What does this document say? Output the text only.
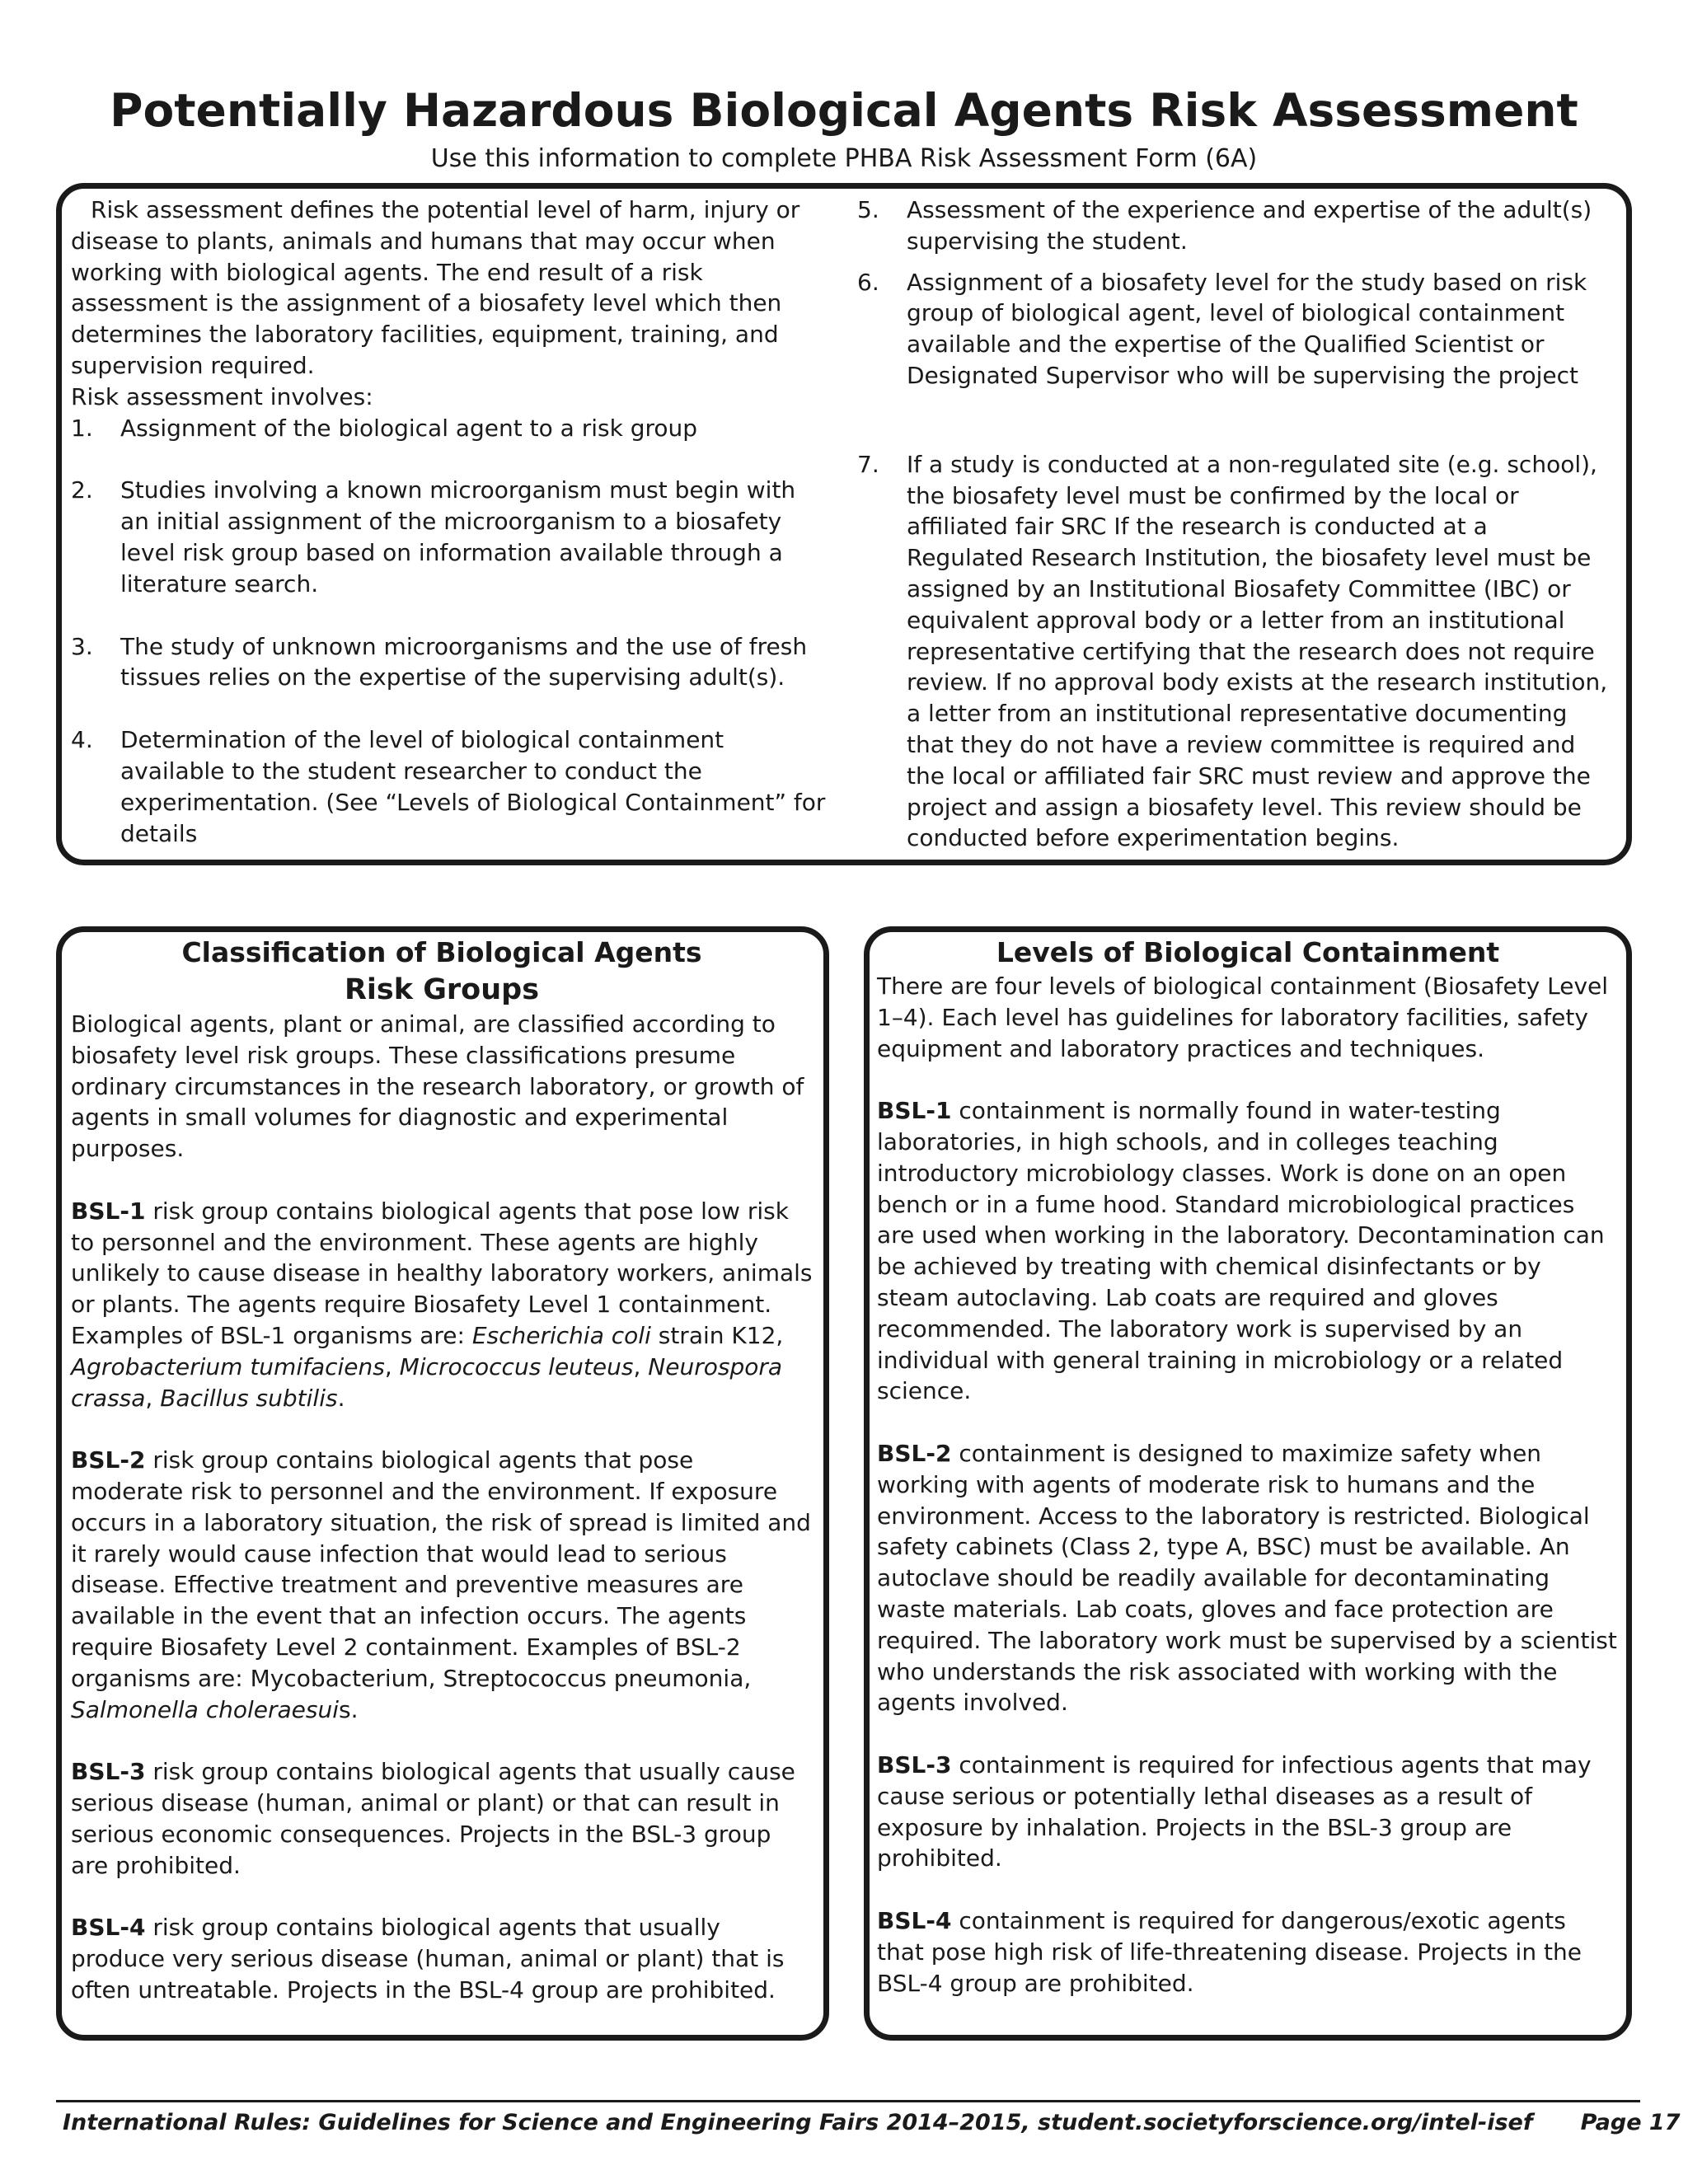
Potentially Hazardous Biological Agents Risk Assessment
Use this information to complete PHBA Risk Assessment Form (6A)

Risk assessment defines the potential level of harm, injury or disease to plants, animals and humans that may occur when working with biological agents. The end result of a risk assessment is the assignment of a biosafety level which then determines the laboratory facilities, equipment, training, and supervision required.

Risk assessment involves:

1. Assignment of the biological agent to a risk group
2. Studies involving a known microorganism must begin with an initial assignment of the microorganism to a biosafety level risk group based on information available through a literature search.
3. The study of unknown microorganisms and the use of fresh tissues relies on the expertise of the supervising adult(s).
4. Determination of the level of biological containment available to the student researcher to conduct the experimentation. (See “Levels of Biological Containment” for details
5. Assessment of the experience and expertise of the adult(s) supervising the student.
6. Assignment of a biosafety level for the study based on risk group of biological agent, level of biological containment available and the expertise of the Qualified Scientist or Designated Supervisor who will be supervising the project
7. If a study is conducted at a non-regulated site (e.g. school), the biosafety level must be confirmed by the local or affiliated fair SRC If the research is conducted at a Regulated Research Institution, the biosafety level must be assigned by an Institutional Biosafety Committee (IBC) or equivalent approval body or a letter from an institutional representative certifying that the research does not require review. If no approval body exists at the research institution, a letter from an institutional representative documenting that they do not have a review committee is required and the local or affiliated fair SRC must review and approve the project and assign a biosafety level. This review should be conducted before experimentation begins.
Classification of Biological Agents
Risk Groups

Biological agents, plant or animal, are classified according to biosafety level risk groups. These classifications presume ordinary circumstances in the research laboratory, or growth of agents in small volumes for diagnostic and experimental purposes.

BSL-1 risk group contains biological agents that pose low risk to personnel and the environment. These agents are highly unlikely to cause disease in healthy laboratory workers, animals or plants. The agents require Biosafety Level 1 containment. Examples of BSL-1 organisms are: Escherichia coli strain K12, Agrobacterium tumifaciens, Micrococcus leuteus, Neurospora crassa, Bacillus subtilis.

BSL-2 risk group contains biological agents that pose moderate risk to personnel and the environment. If exposure occurs in a laboratory situation, the risk of spread is limited and it rarely would cause infection that would lead to serious disease. Effective treatment and preventive measures are available in the event that an infection occurs. The agents require Biosafety Level 2 containment. Examples of BSL-2 organisms are: Mycobacterium, Streptococcus pneumonia, Salmonella choleraesuis.

BSL-3 risk group contains biological agents that usually cause serious disease (human, animal or plant) or that can result in serious economic consequences. Projects in the BSL-3 group are prohibited.

BSL-4 risk group contains biological agents that usually produce very serious disease (human, animal or plant) that is often untreatable. Projects in the BSL-4 group are prohibited.

Levels of Biological Containment

There are four levels of biological containment (Biosafety Level 1–4). Each level has guidelines for laboratory facilities, safety equipment and laboratory practices and techniques.

BSL-1 containment is normally found in water-testing laboratories, in high schools, and in colleges teaching introductory microbiology classes. Work is done on an open bench or in a fume hood. Standard microbiological practices are used when working in the laboratory. Decontamination can be achieved by treating with chemical disinfectants or by steam autoclaving. Lab coats are required and gloves recommended. The laboratory work is supervised by an individual with general training in microbiology or a related science.

BSL-2 containment is designed to maximize safety when working with agents of moderate risk to humans and the environment. Access to the laboratory is restricted. Biological safety cabinets (Class 2, type A, BSC) must be available. An autoclave should be readily available for decontaminating waste materials. Lab coats, gloves and face protection are required. The laboratory work must be supervised by a scientist who understands the risk associated with working with the agents involved.

BSL-3 containment is required for infectious agents that may cause serious or potentially lethal diseases as a result of exposure by inhalation. Projects in the BSL-3 group are prohibited.

BSL-4 containment is required for dangerous/exotic agents that pose high risk of life-threatening disease. Projects in the BSL-4 group are prohibited.

International Rules: Guidelines for Science and Engineering Fairs 2014–2015, student.societyforscience.org/intel-isef Page 17
